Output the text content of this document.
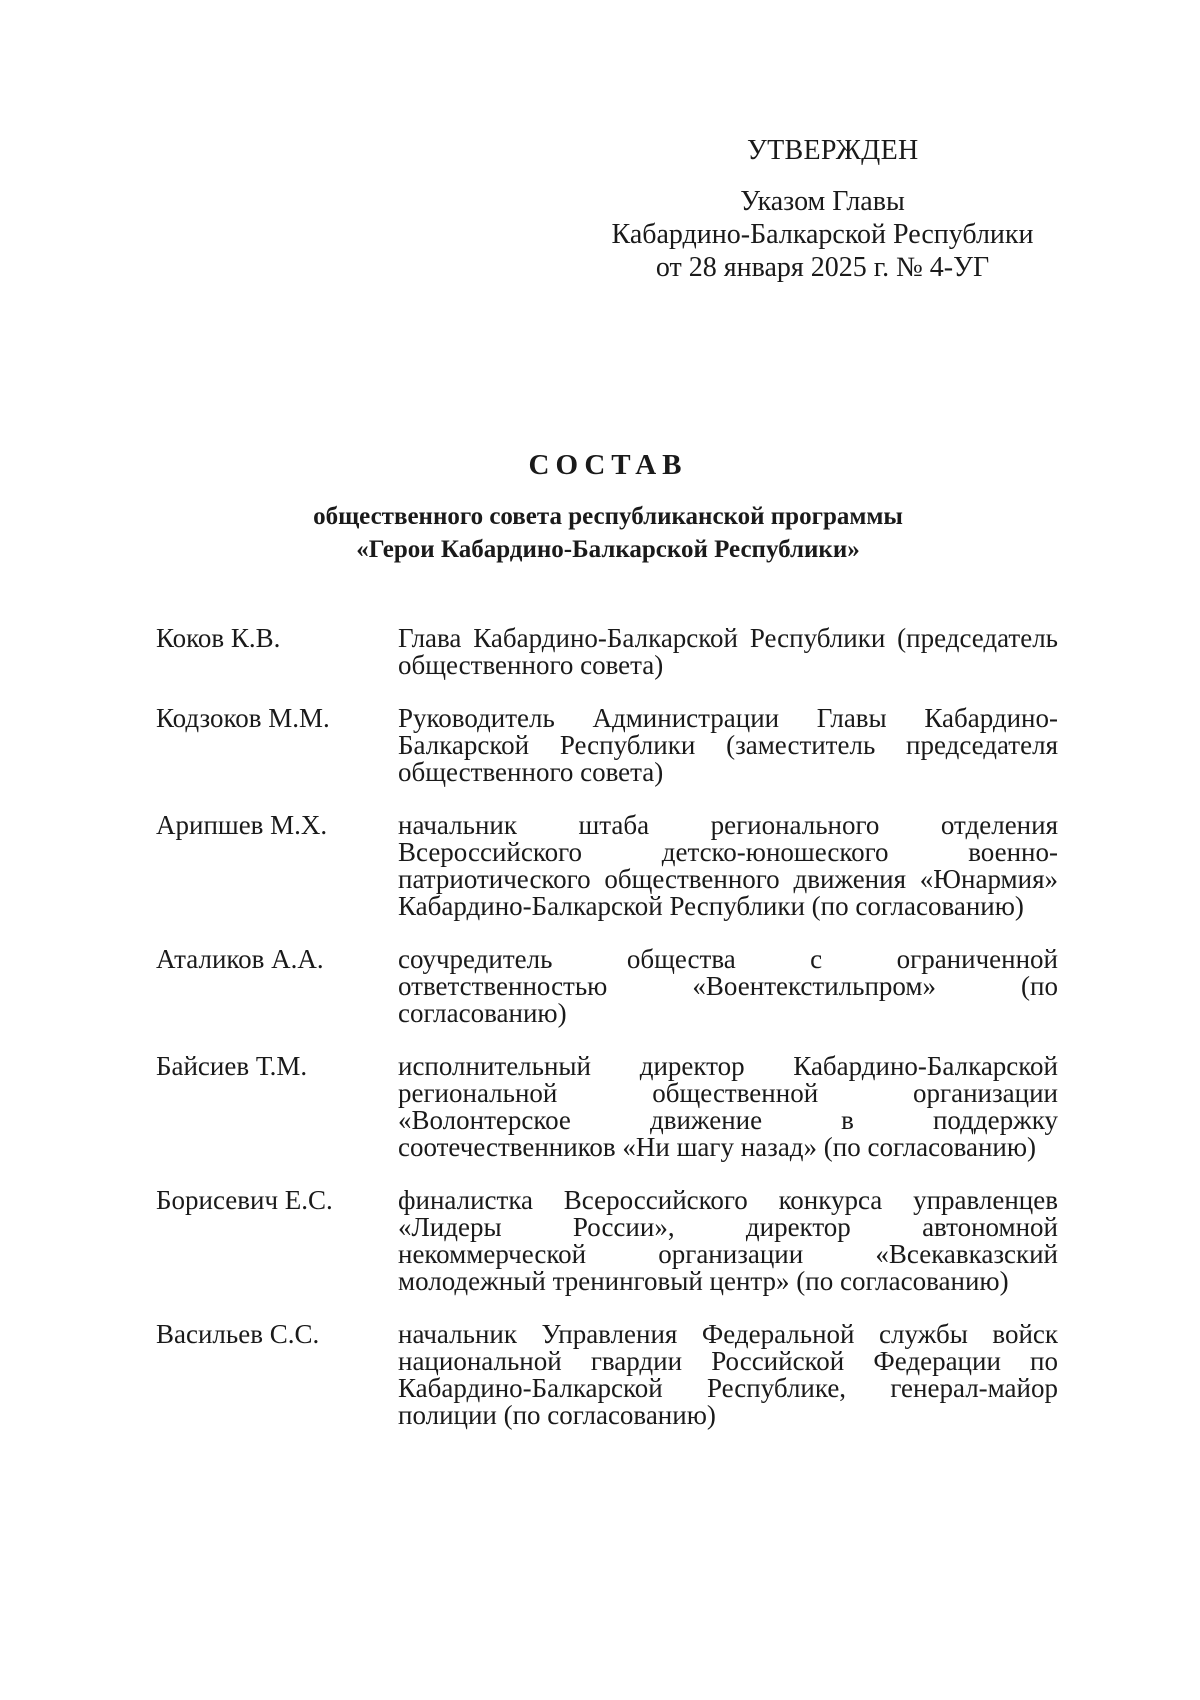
УТВЕРЖДЕН
Указом Главы
Кабардино-Балкарской Республики
от 28 января 2025 г. № 4-УГ
СОСТАВ
общественного совета республиканской программы
«Герои Кабардино-Балкарской Республики»
Коков К.В.	Глава Кабардино-Балкарской Республики (председатель общественного совета)
Кодзоков М.М.	Руководитель Администрации Главы Кабардино-Балкарской Республики (заместитель председателя общественного совета)
Арипшев М.Х.	начальник штаба регионального отделения Всероссийского детско-юношеского военно-патриотического общественного движения «Юнармия» Кабардино-Балкарской Республики (по согласованию)
Аталиков А.А.	соучредитель общества с ограниченной ответственностью «Воентекстильпром» (по согласованию)
Байсиев Т.М.	исполнительный директор Кабардино-Балкарской региональной общественной организации «Волонтерское движение в поддержку соотечественников «Ни шагу назад» (по согласованию)
Борисевич Е.С.	финалистка Всероссийского конкурса управленцев «Лидеры России», директор автономной некоммерческой организации «Всекавказский молодежный тренинговый центр» (по согласованию)
Васильев С.С.	начальник Управления Федеральной службы войск национальной гвардии Российской Федерации по Кабардино-Балкарской Республике, генерал-майор полиции (по согласованию)
